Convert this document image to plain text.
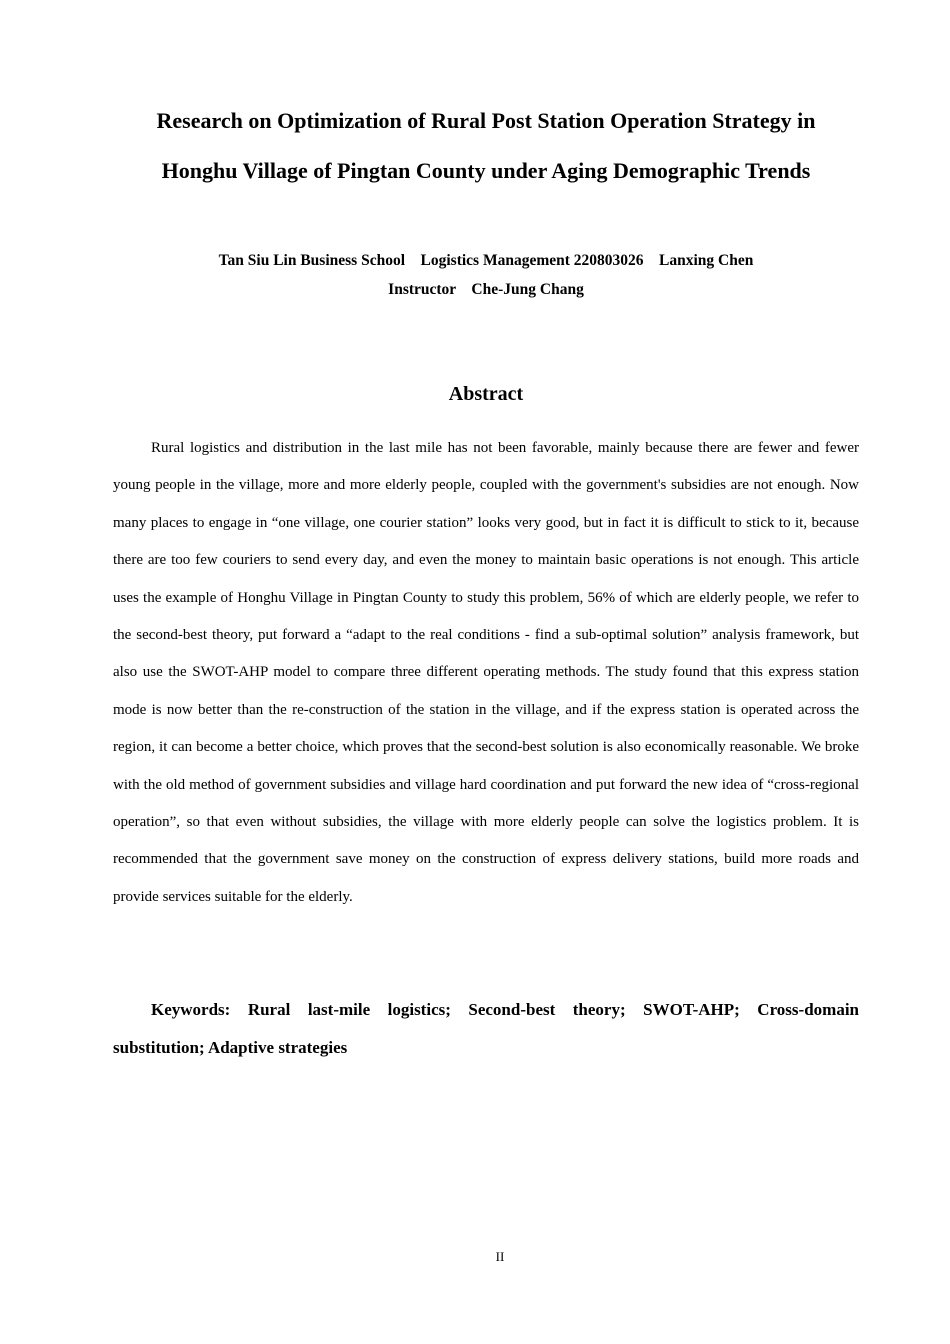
Research on Optimization of Rural Post Station Operation Strategy in
Honghu Village of Pingtan County under Aging Demographic Trends
Tan Siu Lin Business School    Logistics Management 220803026    Lanxing Chen
Instructor    Che-Jung Chang
Abstract
Rural logistics and distribution in the last mile has not been favorable, mainly because there are fewer and fewer young people in the village, more and more elderly people, coupled with the government's subsidies are not enough. Now many places to engage in “one village, one courier station” looks very good, but in fact it is difficult to stick to it, because there are too few couriers to send every day, and even the money to maintain basic operations is not enough. This article uses the example of Honghu Village in Pingtan County to study this problem, 56% of which are elderly people, we refer to the second-best theory, put forward a “adapt to the real conditions - find a sub-optimal solution” analysis framework, but also use the SWOT-AHP model to compare three different operating methods. The study found that this express station mode is now better than the re-construction of the station in the village, and if the express station is operated across the region, it can become a better choice, which proves that the second-best solution is also economically reasonable. We broke with the old method of government subsidies and village hard coordination and put forward the new idea of “cross-regional operation”, so that even without subsidies, the village with more elderly people can solve the logistics problem. It is recommended that the government save money on the construction of express delivery stations, build more roads and provide services suitable for the elderly.
Keywords: Rural last-mile logistics; Second-best theory; SWOT-AHP; Cross-domain substitution; Adaptive strategies
II
